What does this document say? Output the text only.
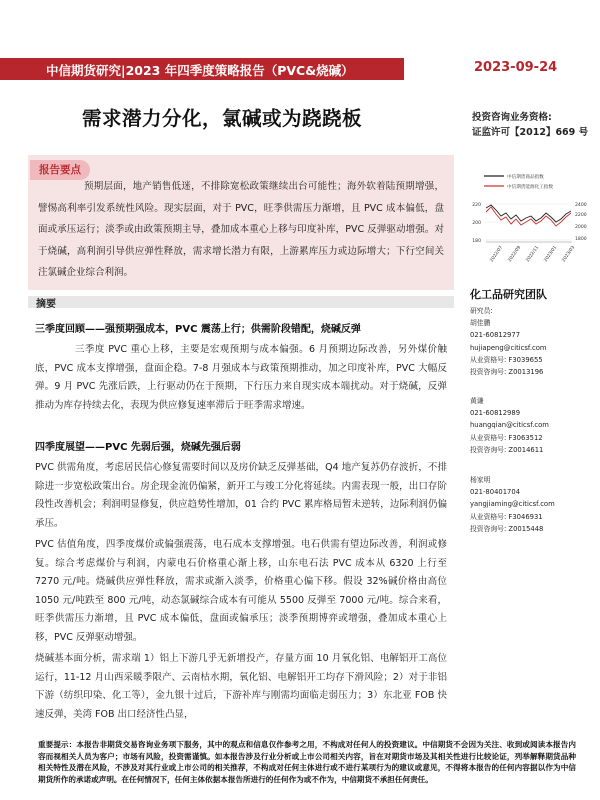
中信期货研究|2023 年四季度策略报告（PVC&烧碱）	2023-09-24
需求潜力分化，氯碱或为跷跷板	投资咨询业务资格:
证监许可【2012】669 号
报告要点
预期层面，地产销售低迷，不排除宽松政策继续出台可能性；海外软着陆预期增强，譬惕高利率引发系统性风险。现实层面，对于 PVC，旺季供需压力渐增，且 PVC 成本偏低，盘面或承压运行；淡季或由政策预期主导，叠加成本重心上移与印度补库，PVC 反弹驱动增强。对于烧碱，高利润引导供应弹性释放，需求增长潜力有限，上游累库压力或边际增大；下行空间关注氯碱企业综合利润。
摘要
三季度回顾——强预期强成本，PVC 震荡上行；供需阶段错配，烧碱反弹
三季度 PVC 重心上移，主要是宏观预期与成本偏强。6 月预期边际改善，另外煤价触底，PVC 成本支撑增强，盘面企稳。7-8 月强成本与政策预期推动，加之印度补库，PVC 大幅反弹。9 月 PVC 先涨后跌，上行驱动仍在于预期，下行压力来自现实成本端扰动。对于烧碱，反弹推动为库存持续去化，表现为供应修复速率滞后于旺季需求增速。
四季度展望——PVC 先弱后强，烧碱先强后弱
PVC 供需角度，考虑居民信心修复需要时间以及房价缺乏反弹基础，Q4 地产复苏仍存波折，不排除进一步宽松政策出台。房企现金流仍偏紧，新开工与竣工分化将延续。内需表现一般，出口存阶段性改善机会；利润明显修复，供应趋势性增加，01 合约 PVC 累库格局暂未逆转，边际利润仍偏承压。
PVC 估值角度，四季度煤价或偏强震荡，电石成本支撑增强。电石供需有望边际改善，利润或修复。综合考虑煤价与利润，内蒙电石价格重心渐上移，山东电石法 PVC 成本从 6320 上行至 7270 元/吨。烧碱供应弹性释放，需求或渐入淡季，价格重心偏下移。假设 32%碱价格由高位 1050 元/吨跌至 800 元/吨，动态氯碱综合成本有可能从 5500 反弹至 7000 元/吨。综合来看，旺季供需压力渐增，且 PVC 成本偏低，盘面或偏承压；淡季预期博弈或增强，叠加成本重心上移，PVC 反弹驱动增强。
烧碱基本面分析，需求端 1）铝上下游几乎无新增投产，存量方面 10 月氧化铝、电解铝开工高位运行，11-12 月山西采暖季限产、云南枯水期，氧化铝、电解铝开工均存下滑风险；2）对于非铝下游（纺织印染、化工等），金九银十过后，下游补库与刚需均面临走弱压力；3）东北亚 FOB 快速反弹，美湾 FOB 出口经济性凸显，
中信期货商品指数
中信期货能源化工指数
220
200
180
2400
2200
2000
1800
2022/07 2022/09 2022/11 2023/01 2023/03
化工品研究团队
研究员:
胡佳鹏
021-60812977
hujiapeng@citicsf.com
从业资格号: F3039655
投资咨询号: Z0013196
黄谦
021-60812989
huangqian@citicsf.com
从业资格号: F3063512
投资咨询号: Z0014611
杨家明
021-80401704
yangjiaming@citicsf.com
从业资格号: F3046931
投资咨询号: Z0015448
重要提示：本报告非期货交易咨询业务项下服务，其中的观点和信息仅作参考之用，不构成对任何人的投资建议。中信期货不会因为关注、收到或阅读本报告内容而视相关人员为客户；市场有风险，投资需谨慎。如本报告涉及行业分析或上市公司相关内容，旨在对期货市场及其相关性进行比较论证，列举解释期货品种相关特性及潜在风险，不涉及对其行业或上市公司的相关推荐，不构成对任何主体进行或不进行某项行为的建议或意见，不得将本报告的任何内容据以作为中信期货所作的承诺或声明。在任何情况下，任何主体依据本报告所进行的任何作为或不作为，中信期货不承担任何责任。
